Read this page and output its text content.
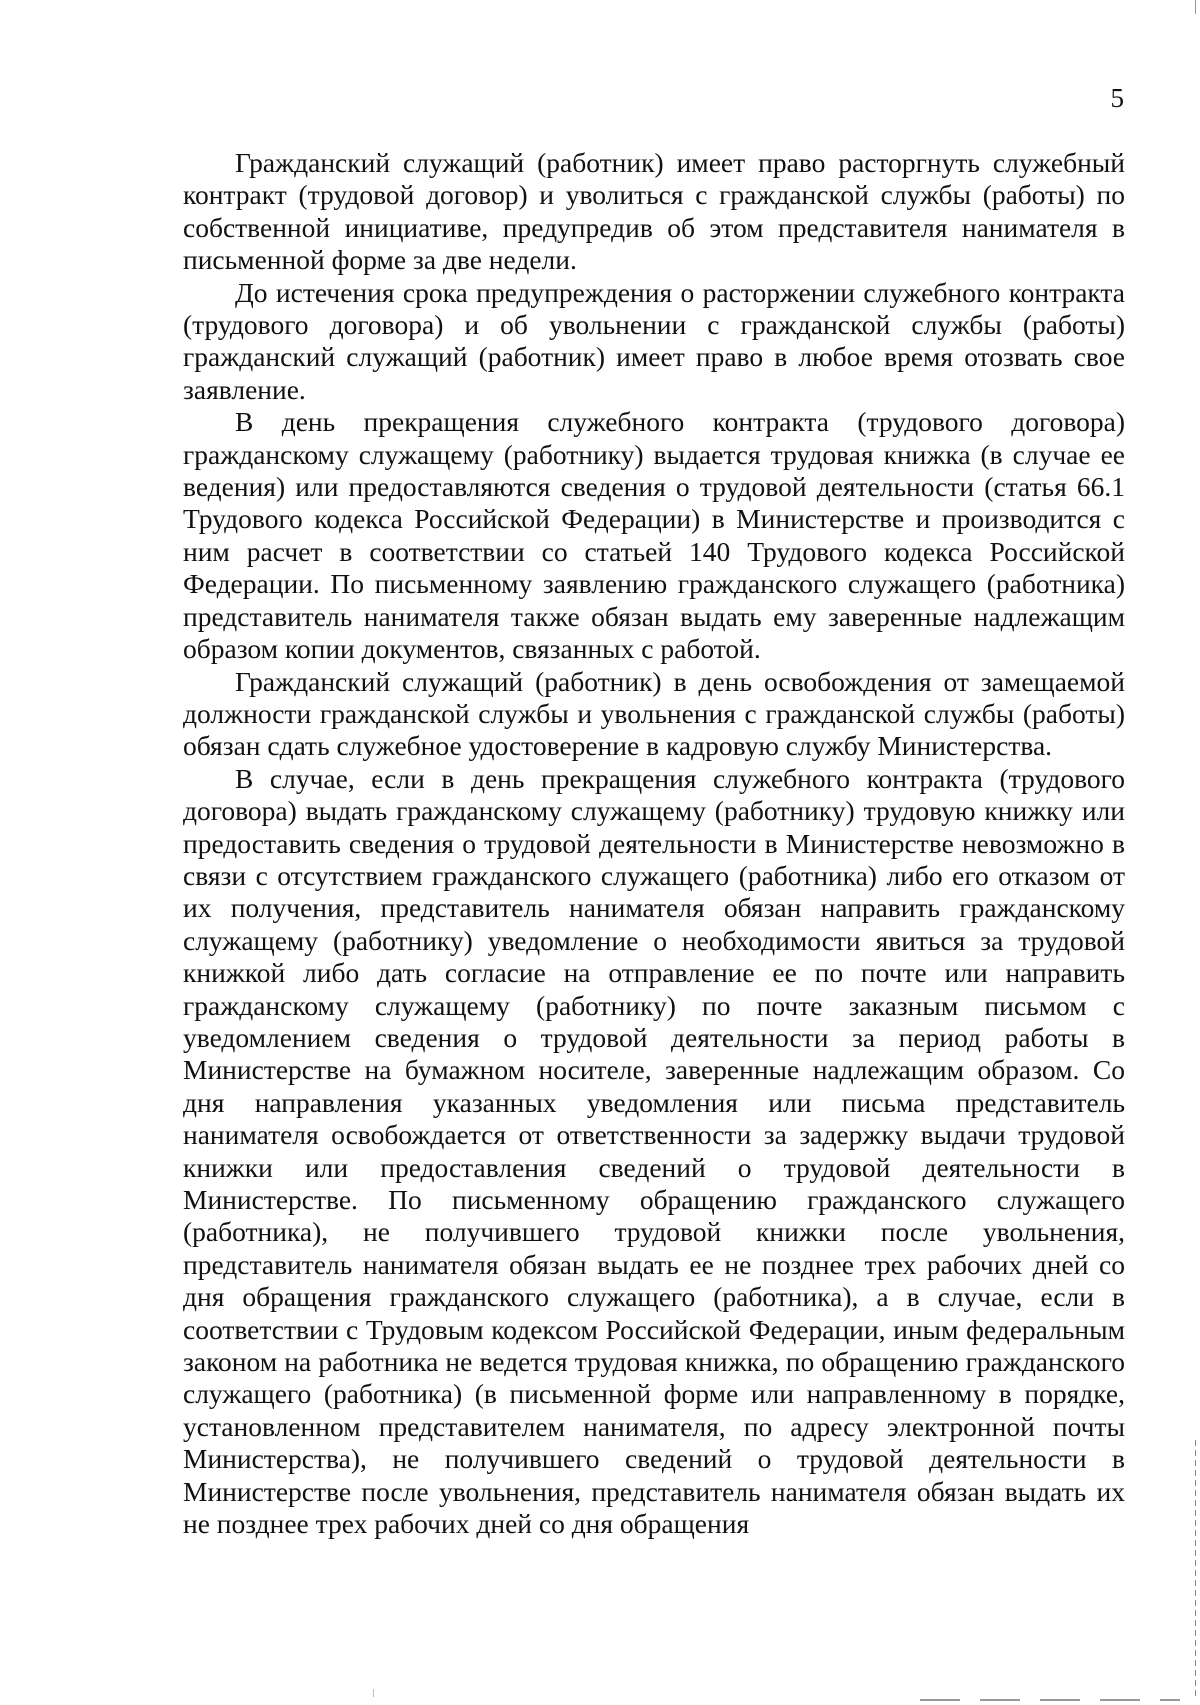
5

Гражданский служащий (работник) имеет право расторгнуть служебный контракт (трудовой договор) и уволиться с гражданской службы (работы) по собственной инициативе, предупредив об этом представителя нанимателя в письменной форме за две недели.

До истечения срока предупреждения о расторжении служебного контракта (трудового договора) и об увольнении с гражданской службы (работы) гражданский служащий (работник) имеет право в любое время отозвать свое заявление.

В день прекращения служебного контракта (трудового договора) гражданскому служащему (работнику) выдается трудовая книжка (в случае ее ведения) или предоставляются сведения о трудовой деятельности (статья 66.1 Трудового кодекса Российской Федерации) в Министерстве и производится с ним расчет в соответствии со статьей 140 Трудового кодекса Российской Федерации. По письменному заявлению гражданского служащего (работника) представитель нанимателя также обязан выдать ему заверенные надлежащим образом копии документов, связанных с работой.

Гражданский служащий (работник) в день освобождения от замещаемой должности гражданской службы и увольнения с гражданской службы (работы) обязан сдать служебное удостоверение в кадровую службу Министерства.

В случае, если в день прекращения служебного контракта (трудового договора) выдать гражданскому служащему (работнику) трудовую книжку или предоставить сведения о трудовой деятельности в Министерстве невозможно в связи с отсутствием гражданского служащего (работника) либо его отказом от их получения, представитель нанимателя обязан направить гражданскому служащему (работнику) уведомление о необходимости явиться за трудовой книжкой либо дать согласие на отправление ее по почте или направить гражданскому служащему (работнику) по почте заказным письмом с уведомлением сведения о трудовой деятельности за период работы в Министерстве на бумажном носителе, заверенные надлежащим образом. Со дня направления указанных уведомления или письма представитель нанимателя освобождается от ответственности за задержку выдачи трудовой книжки или предоставления сведений о трудовой деятельности в Министерстве. По письменному обращению гражданского служащего (работника), не получившего трудовой книжки после увольнения, представитель нанимателя обязан выдать ее не позднее трех рабочих дней со дня обращения гражданского служащего (работника), а в случае, если в соответствии с Трудовым кодексом Российской Федерации, иным федеральным законом на работника не ведется трудовая книжка, по обращению гражданского служащего (работника) (в письменной форме или направленному в порядке, установленном представителем нанимателя, по адресу электронной почты Министерства), не получившего сведений о трудовой деятельности в Министерстве после увольнения, представитель нанимателя обязан выдать их не позднее трех рабочих дней со дня обращения
